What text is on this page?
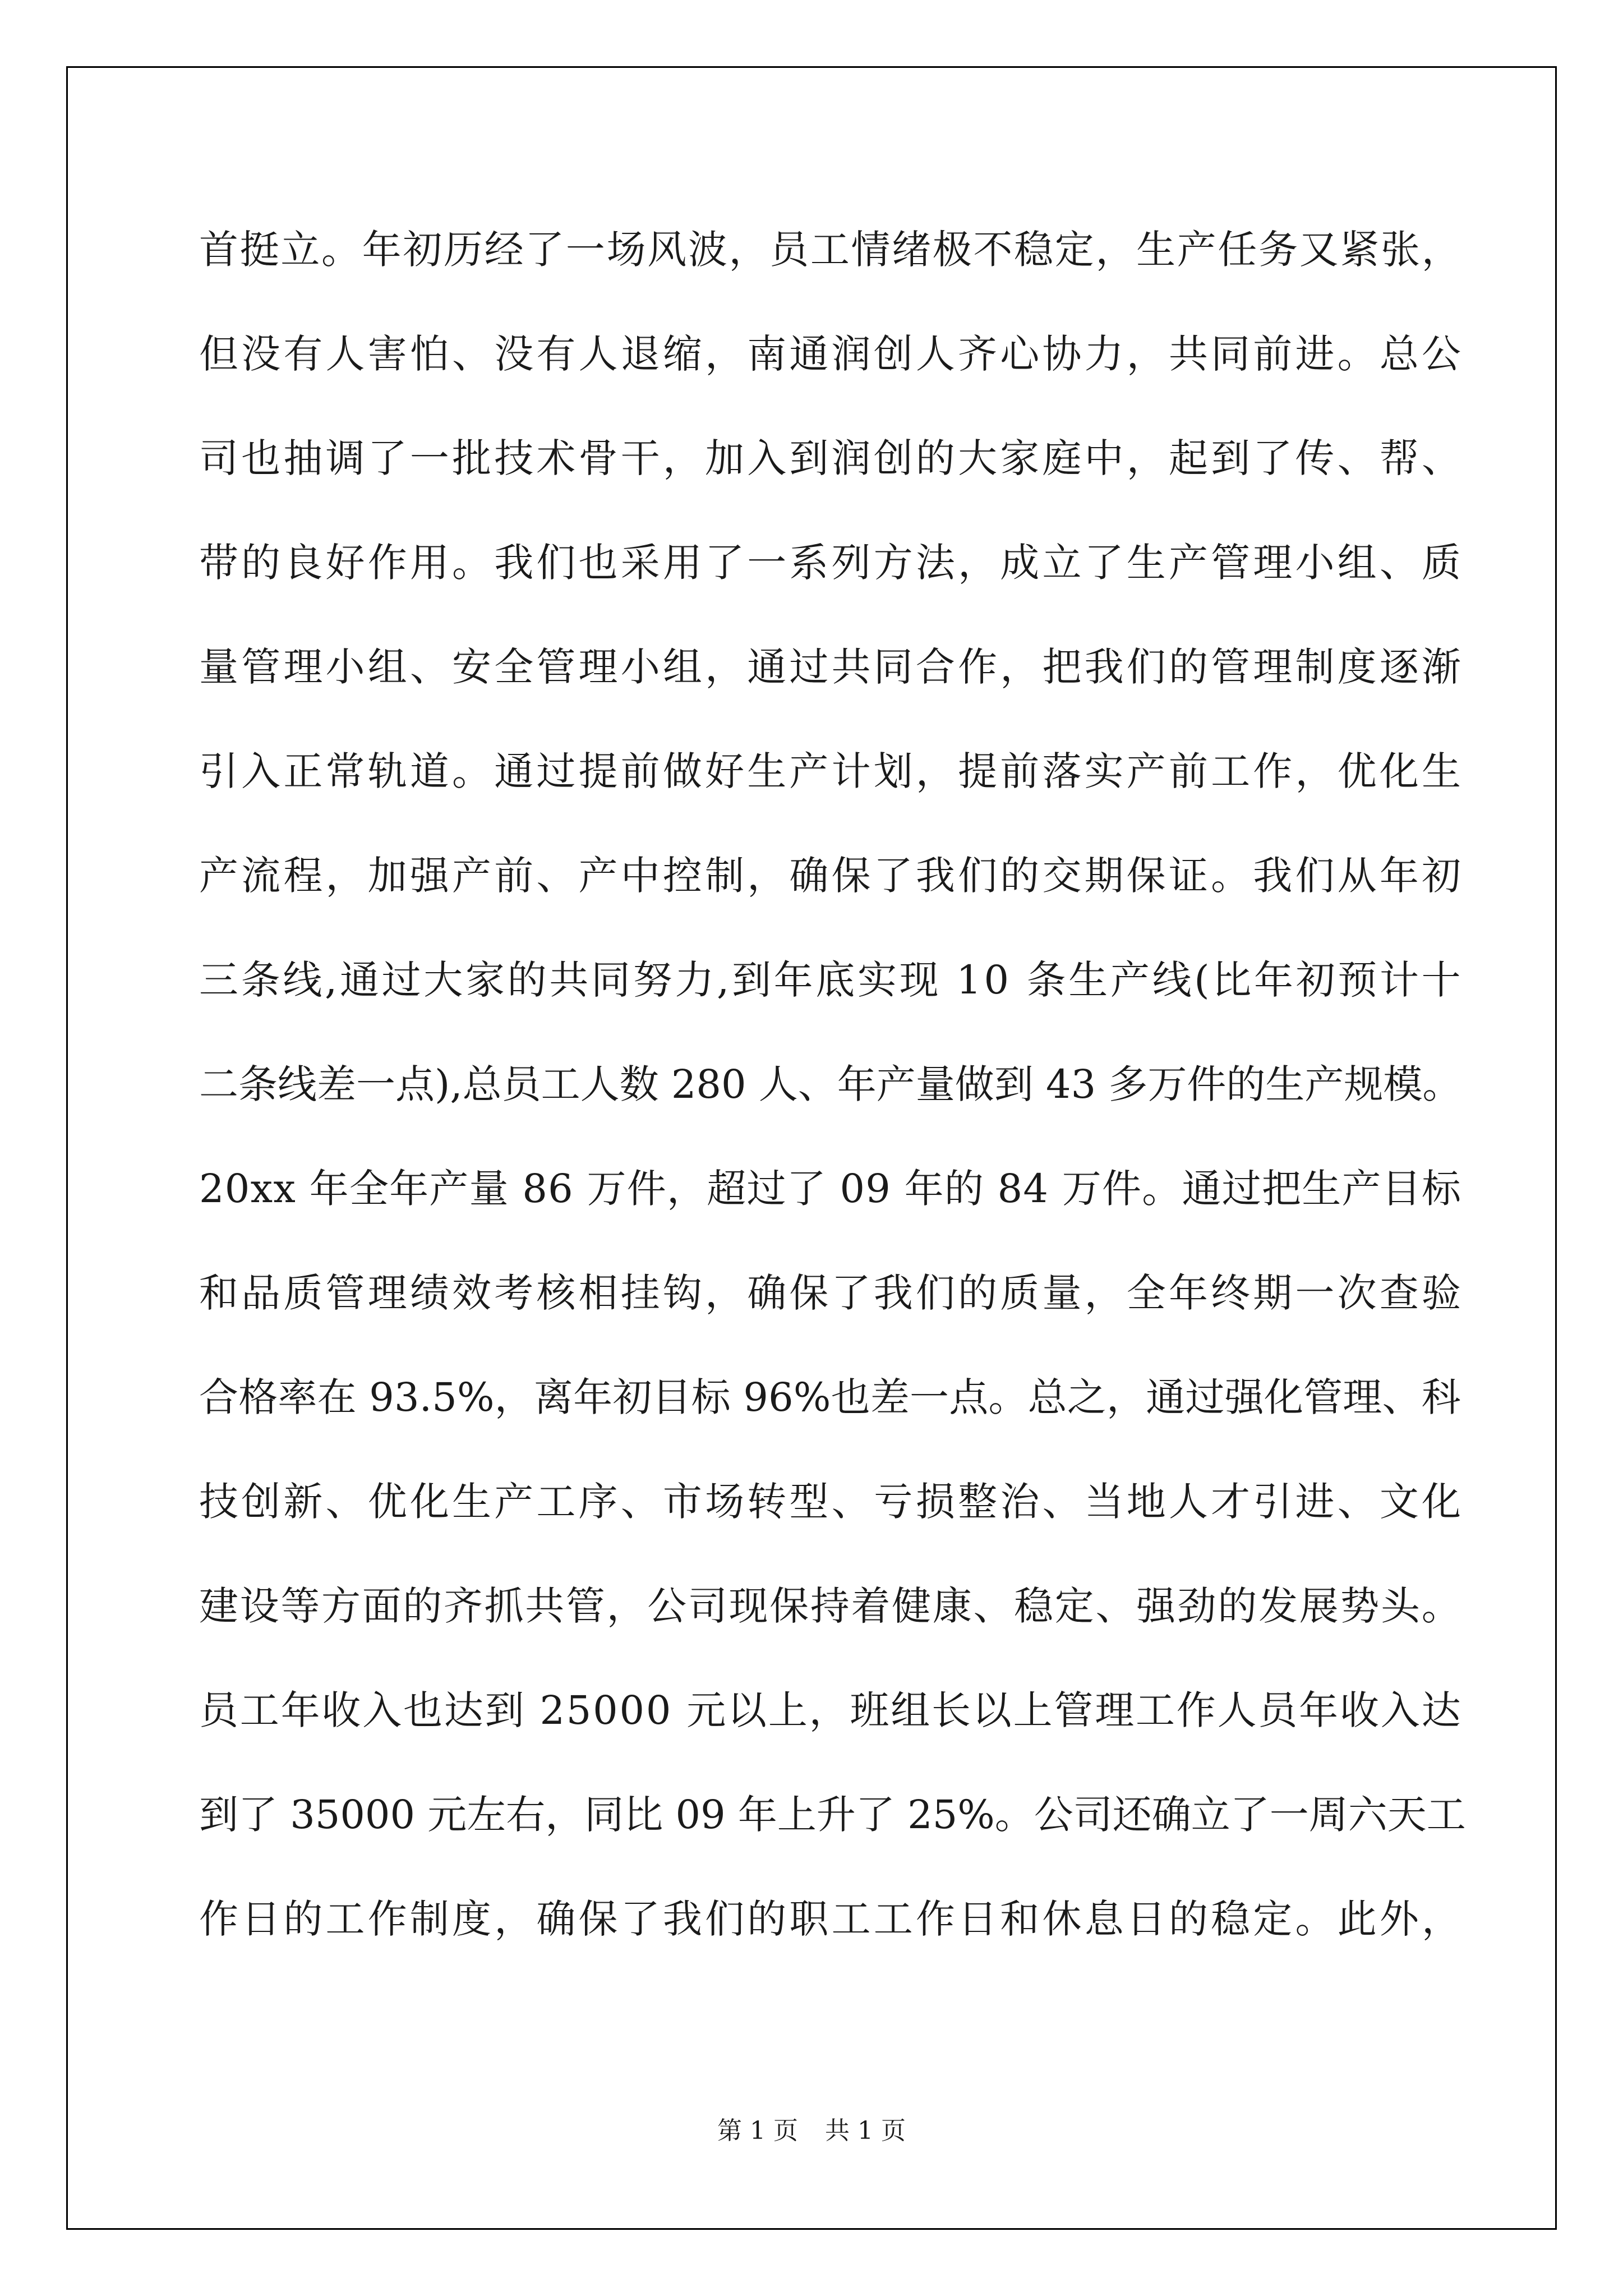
首 挺 立 。 年 初 历 经 了 一 场 风 波 ， 员 工 情 绪 极 不 稳 定 ， 生 产 任 务 又 紧 张 ，
但 没 有 人 害 怕 、 没 有 人 退 缩 ， 南 通 润 创 人 齐 心 协 力 ， 共 同 前 进 。 总 公
司 也 抽 调 了 一 批 技 术 骨 干 ， 加 入 到 润 创 的 大 家 庭 中 ， 起 到 了 传 、 帮 、
带 的 良 好 作 用 。 我 们 也 采 用 了 一 系 列 方 法 ， 成 立 了 生 产 管 理 小 组 、 质
量 管 理 小 组 、 安 全 管 理 小 组 ， 通 过 共 同 合 作 ， 把 我 们 的 管 理 制 度 逐 渐
引 入 正 常 轨 道 。 通 过 提 前 做 好 生 产 计 划 ， 提 前 落 实 产 前 工 作 ， 优 化 生
产 流 程 ， 加 强 产 前 、 产 中 控 制 ， 确 保 了 我 们 的 交 期 保 证 。 我 们 从 年 初
三 条 线 , 通 过 大 家 的 共 同 努 力 , 到 年 底 实 现
1 0
条 生 产 线 ( 比 年 初 预 计 十
二 条 线 差 一 点 ) , 总 员 工 人 数
2 8 0
人 、 年 产 量 做 到
4 3
多 万 件 的 生 产 规 模 。
2 0 x x
年 全 年 产 量
8 6
万 件 ， 超 过 了
0 9
年 的
8 4
万 件 。 通 过 把 生 产 目 标
和 品 质 管 理 绩 效 考 核 相 挂 钩 ， 确 保 了 我 们 的 质 量 ， 全 年 终 期 一 次 查 验
合 格 率 在
9 3 . 5 % ， 离 年 初 目 标
9 6 % 也 差 一 点 。 总 之 ， 通 过 强 化 管 理 、 科
技 创 新 、 优 化 生 产 工 序 、 市 场 转 型 、 亏 损 整 治 、 当 地 人 才 引 进 、 文 化
建 设 等 方 面 的 齐 抓 共 管 ， 公 司 现 保 持 着 健 康 、 稳 定 、 强 劲 的 发 展 势 头 。
员 工 年 收 入 也 达 到
2 5 0 0 0
元 以 上 ， 班 组 长 以 上 管 理 工 作 人 员 年 收 入 达
到 了
3 5 0 0 0
元 左 右 ， 同 比
0 9
年 上 升 了
2 5 % 。 公 司 还 确 立 了 一 周 六 天 工
作 日 的 工 作 制 度 ， 确 保 了 我 们 的 职 工 工 作 日 和 休 息 日 的 稳 定 。 此 外 ，
第 1 页 共 1 页
